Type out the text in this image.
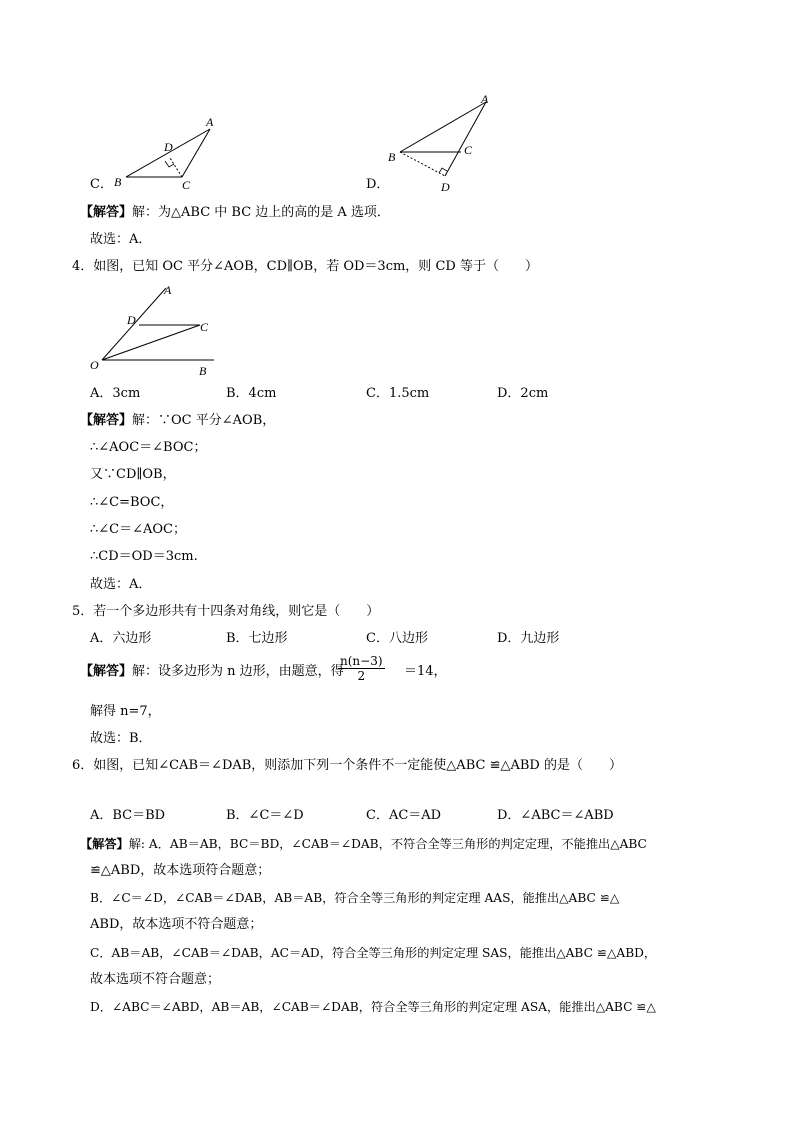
C．
A
B	C
D
D．
A
B	C
D
【解答】解：为△ABC 中 BC 边上的高的是 A 选项．
故选：A．
4．如图，已知 OC 平分∠AOB，CD∥OB，若 OD＝3cm，则 CD 等于（　　）
A
D	C
O	B
A．3cm	B．4cm	C．1.5cm	D．2cm
【解答】解：∵OC 平分∠AOB，
∴∠AOC＝∠BOC；
又∵CD∥OB，
∴∠C=BOC，
∴∠C＝∠AOC；
∴CD＝OD＝3cm.
故选：A．
5．若一个多边形共有十四条对角线，则它是（　　）
A．六边形	B．七边形	C．八边形	D．九边形
【解答】解：设多边形为 n 边形，由题意，得
$\frac{n(n-3)}{2} =14$，
解得 n=7，
故选：B．
6．如图，已知∠CAB＝∠DAB，则添加下列一个条件不一定能使△ABC ≌△ABD 的是（　　）
A．BC＝BD	B．∠C＝∠D	C．AC＝AD	D．∠ABC＝∠ABD
【解答】解: A．AB＝AB，BC＝BD，∠CAB＝∠DAB，不符合全等三角形的判定定理，不能推出△ABC
≌△ABD，故本选项符合题意；
B．∠C＝∠D，∠CAB＝∠DAB，AB＝AB，符合全等三角形的判定定理 AAS，能推出△ABC ≌△
ABD，故本选项不符合题意；
C．AB＝AB，∠CAB＝∠DAB，AC＝AD，符合全等三角形的判定定理 SAS，能推出△ABC ≌△ABD，
故本选项不符合题意；
D．∠ABC＝∠ABD，AB＝AB，∠CAB＝∠DAB，符合全等三角形的判定定理 ASA，能推出△ABC ≌△
